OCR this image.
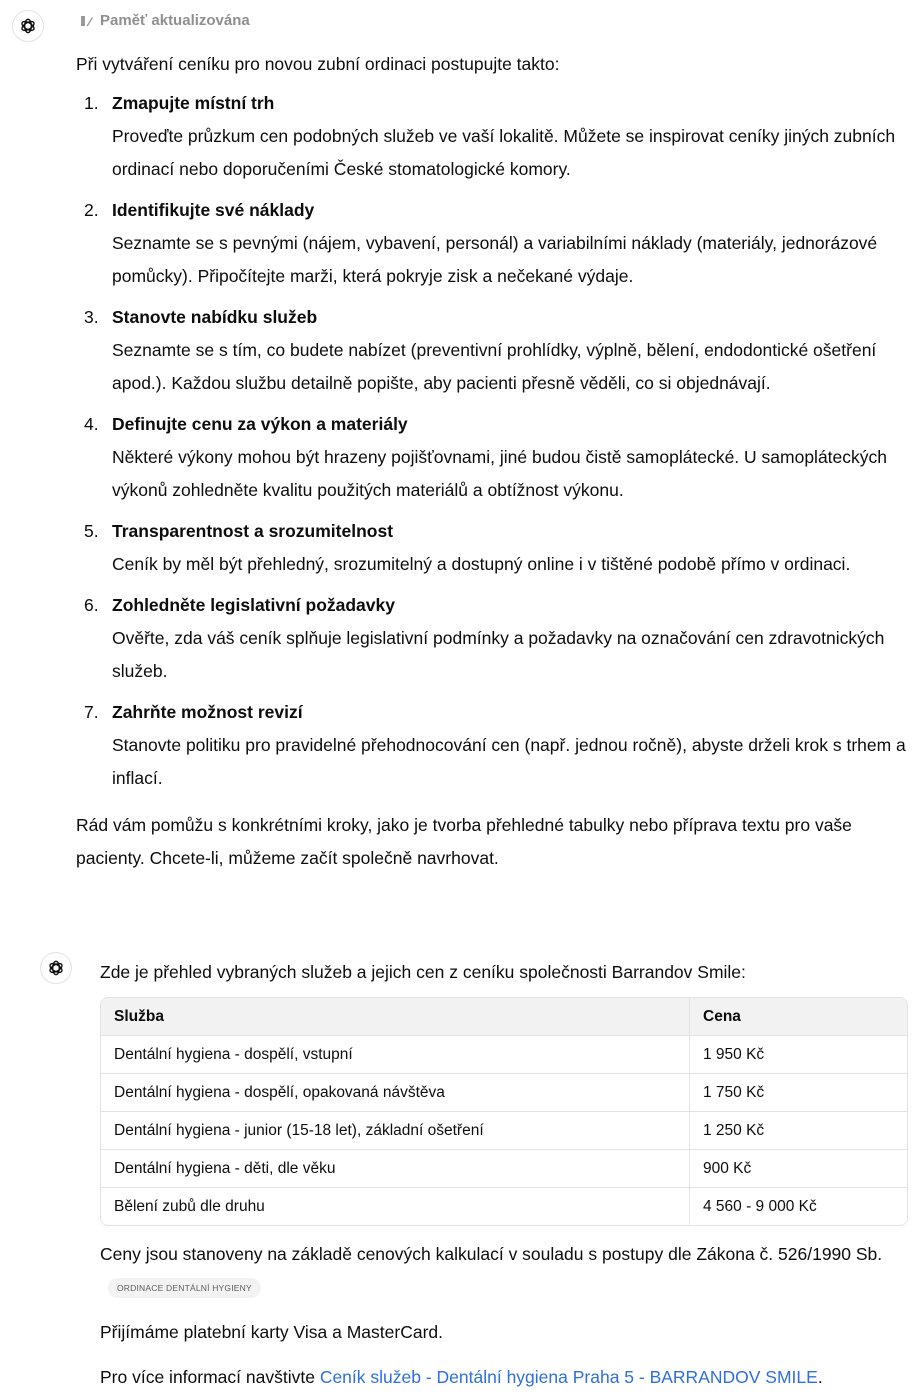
Paměť aktualizována

Při vytváření ceníku pro novou zubní ordinaci postupujte takto:

1. Zmapujte místní trh
Proveďte průzkum cen podobných služeb ve vaší lokalitě. Můžete se inspirovat ceníky jiných zubních ordinací nebo doporučeními České stomatologické komory.
2. Identifikujte své náklady
Seznamte se s pevnými (nájem, vybavení, personál) a variabilními náklady (materiály, jednorázové pomůcky). Připočítejte marži, která pokryje zisk a nečekané výdaje.
3. Stanovte nabídku služeb
Seznamte se s tím, co budete nabízet (preventivní prohlídky, výplně, bělení, endodontické ošetření apod.). Každou službu detailně popište, aby pacienti přesně věděli, co si objednávají.
4. Definujte cenu za výkon a materiály
Některé výkony mohou být hrazeny pojišťovnami, jiné budou čistě samoplátecké. U samopláteckých výkonů zohledněte kvalitu použitých materiálů a obtížnost výkonu.
5. Transparentnost a srozumitelnost
Ceník by měl být přehledný, srozumitelný a dostupný online i v tištěné podobě přímo v ordinaci.
6. Zohledněte legislativní požadavky
Ověřte, zda váš ceník splňuje legislativní podmínky a požadavky na označování cen zdravotnických služeb.
7. Zahrňte možnost revizí
Stanovte politiku pro pravidelné přehodnocování cen (např. jednou ročně), abyste drželi krok s trhem a inflací.

Rád vám pomůžu s konkrétními kroky, jako je tvorba přehledné tabulky nebo příprava textu pro vaše pacienty. Chcete-li, můžeme začít společně navrhovat.

Zde je přehled vybraných služeb a jejich cen z ceníku společnosti Barrandov Smile:

Služba	Cena
Dentální hygiena - dospělí, vstupní	1 950 Kč
Dentální hygiena - dospělí, opakovaná návštěva	1 750 Kč
Dentální hygiena - junior (15-18 let), základní ošetření	1 250 Kč
Dentální hygiena - děti, dle věku	900 Kč
Bělení zubů dle druhu	4 560 - 9 000 Kč

Ceny jsou stanoveny na základě cenových kalkulací v souladu s postupy dle Zákona č. 526/1990 Sb.ORDINACE DENTÁLNÍ HYGIENY

Přijímáme platební karty Visa a MasterCard.

Pro více informací navštivte Ceník služeb - Dentální hygiena Praha 5 - BARRANDOV SMILE.
